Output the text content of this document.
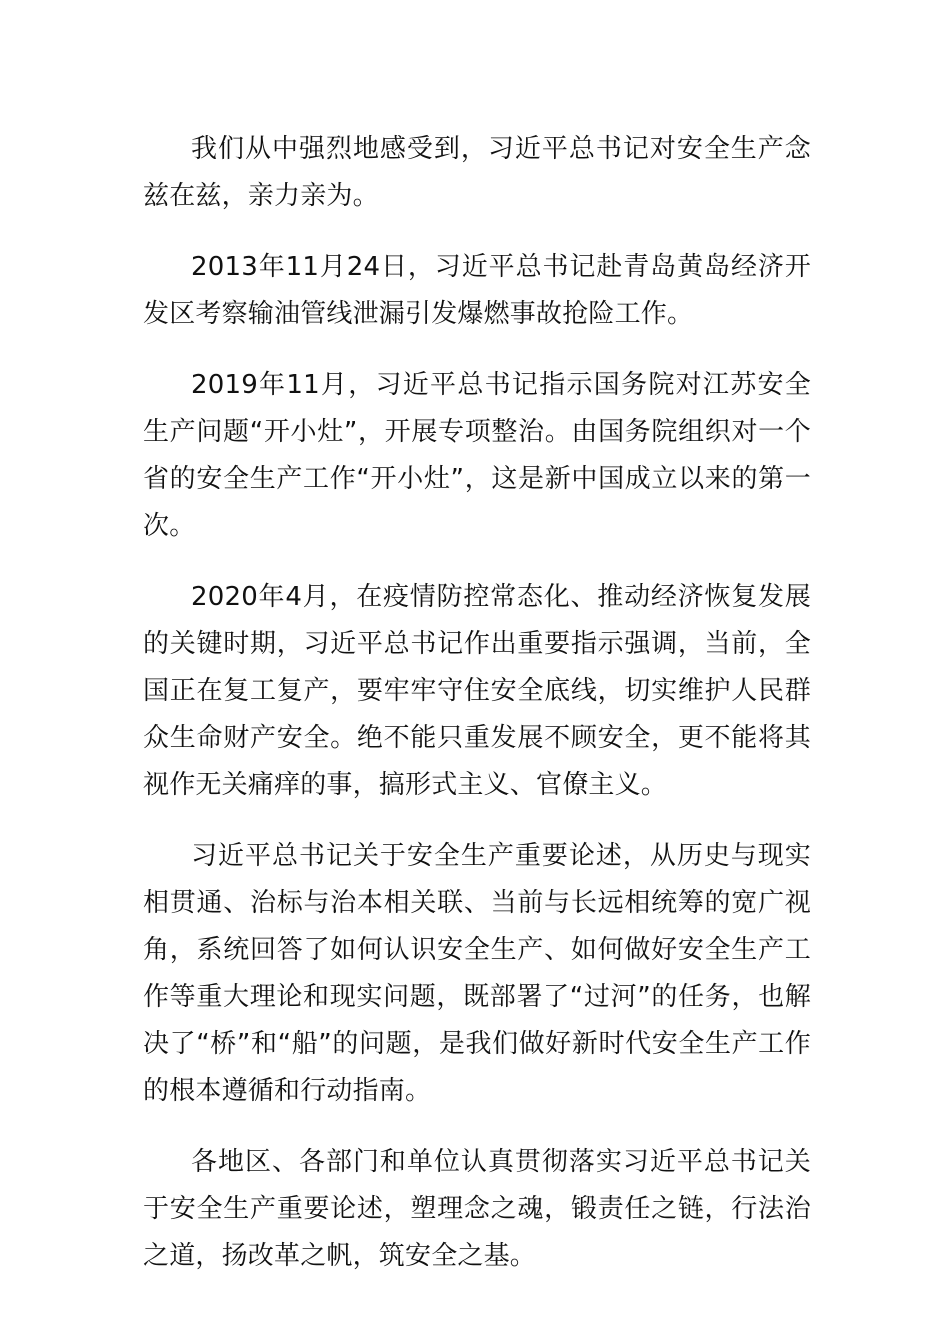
我们从中强烈地感受到，习近平总书记对安全生产念兹在兹，亲力亲为。

2013年11月24日，习近平总书记赴青岛黄岛经济开发区考察输油管线泄漏引发爆燃事故抢险工作。

2019年11月，习近平总书记指示国务院对江苏安全生产问题“开小灶”，开展专项整治。由国务院组织对一个省的安全生产工作“开小灶”，这是新中国成立以来的第一次。

2020年4月，在疫情防控常态化、推动经济恢复发展的关键时期，习近平总书记作出重要指示强调，当前，全国正在复工复产，要牢牢守住安全底线，切实维护人民群众生命财产安全。绝不能只重发展不顾安全，更不能将其视作无关痛痒的事，搞形式主义、官僚主义。

习近平总书记关于安全生产重要论述，从历史与现实相贯通、治标与治本相关联、当前与长远相统筹的宽广视角，系统回答了如何认识安全生产、如何做好安全生产工作等重大理论和现实问题，既部署了“过河”的任务，也解决了“桥”和“船”的问题，是我们做好新时代安全生产工作的根本遵循和行动指南。

各地区、各部门和单位认真贯彻落实习近平总书记关于安全生产重要论述，塑理念之魂，锻责任之链，行法治之道，扬改革之帆，筑安全之基。
